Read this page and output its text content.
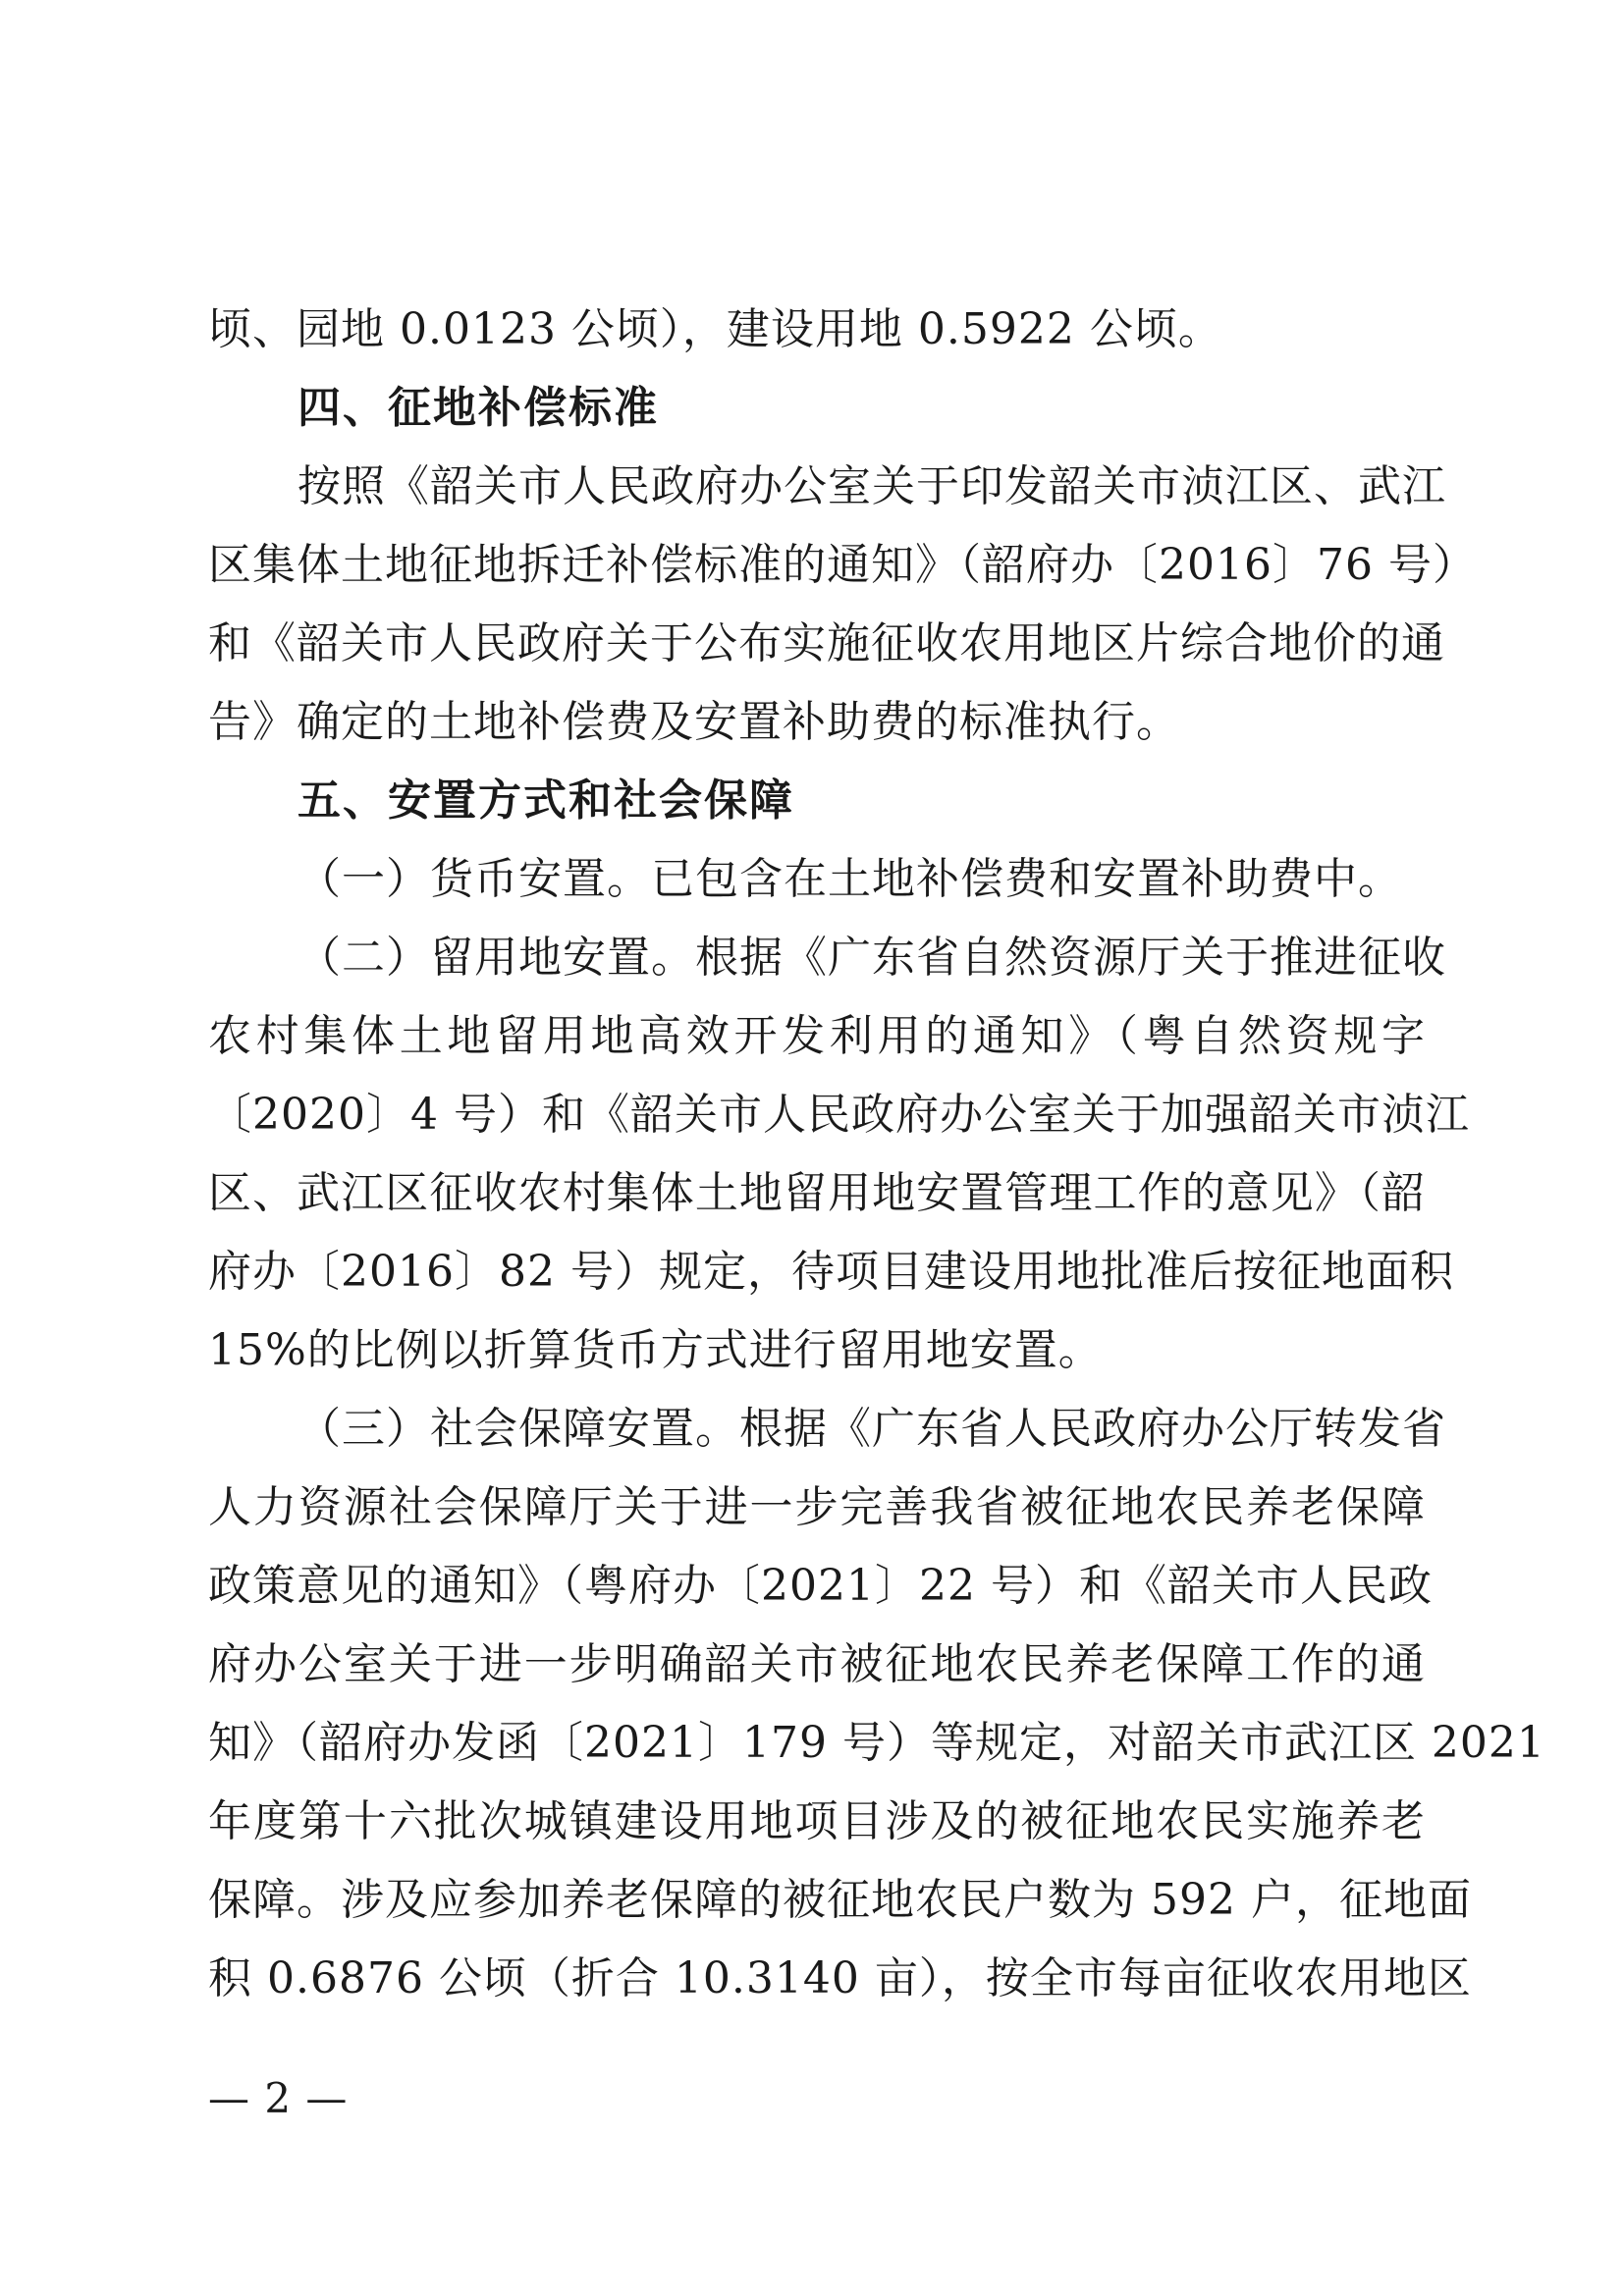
顷、园地 0.0123 公顷），建设用地 0.5922 公顷。
四、征地补偿标准
按照《韶关市人民政府办公室关于印发韶关市浈江区、武江
区集体土地征地拆迁补偿标准的通知》（韶府办〔2016〕76 号）
和《韶关市人民政府关于公布实施征收农用地区片综合地价的通
告》确定的土地补偿费及安置补助费的标准执行。
五、安置方式和社会保障
（一）货币安置。已包含在土地补偿费和安置补助费中。
（二）留用地安置。根据《广东省自然资源厅关于推进征收
农村集体土地留用地高效开发利用的通知》（粤自然资规字
〔2020〕4 号）和《韶关市人民政府办公室关于加强韶关市浈江
区、武江区征收农村集体土地留用地安置管理工作的意见》（韶
府办〔2016〕82 号）规定，待项目建设用地批准后按征地面积
15%的比例以折算货币方式进行留用地安置。
（三）社会保障安置。根据《广东省人民政府办公厅转发省
人力资源社会保障厅关于进一步完善我省被征地农民养老保障
政策意见的通知》（粤府办〔2021〕22 号）和《韶关市人民政
府办公室关于进一步明确韶关市被征地农民养老保障工作的通
知》（韶府办发函〔2021〕179 号）等规定，对韶关市武江区 2021
年度第十六批次城镇建设用地项目涉及的被征地农民实施养老
保障。涉及应参加养老保障的被征地农民户数为 592 户，征地面
积 0.6876 公顷（折合 10.3140 亩），按全市每亩征收农用地区
— 2 —
